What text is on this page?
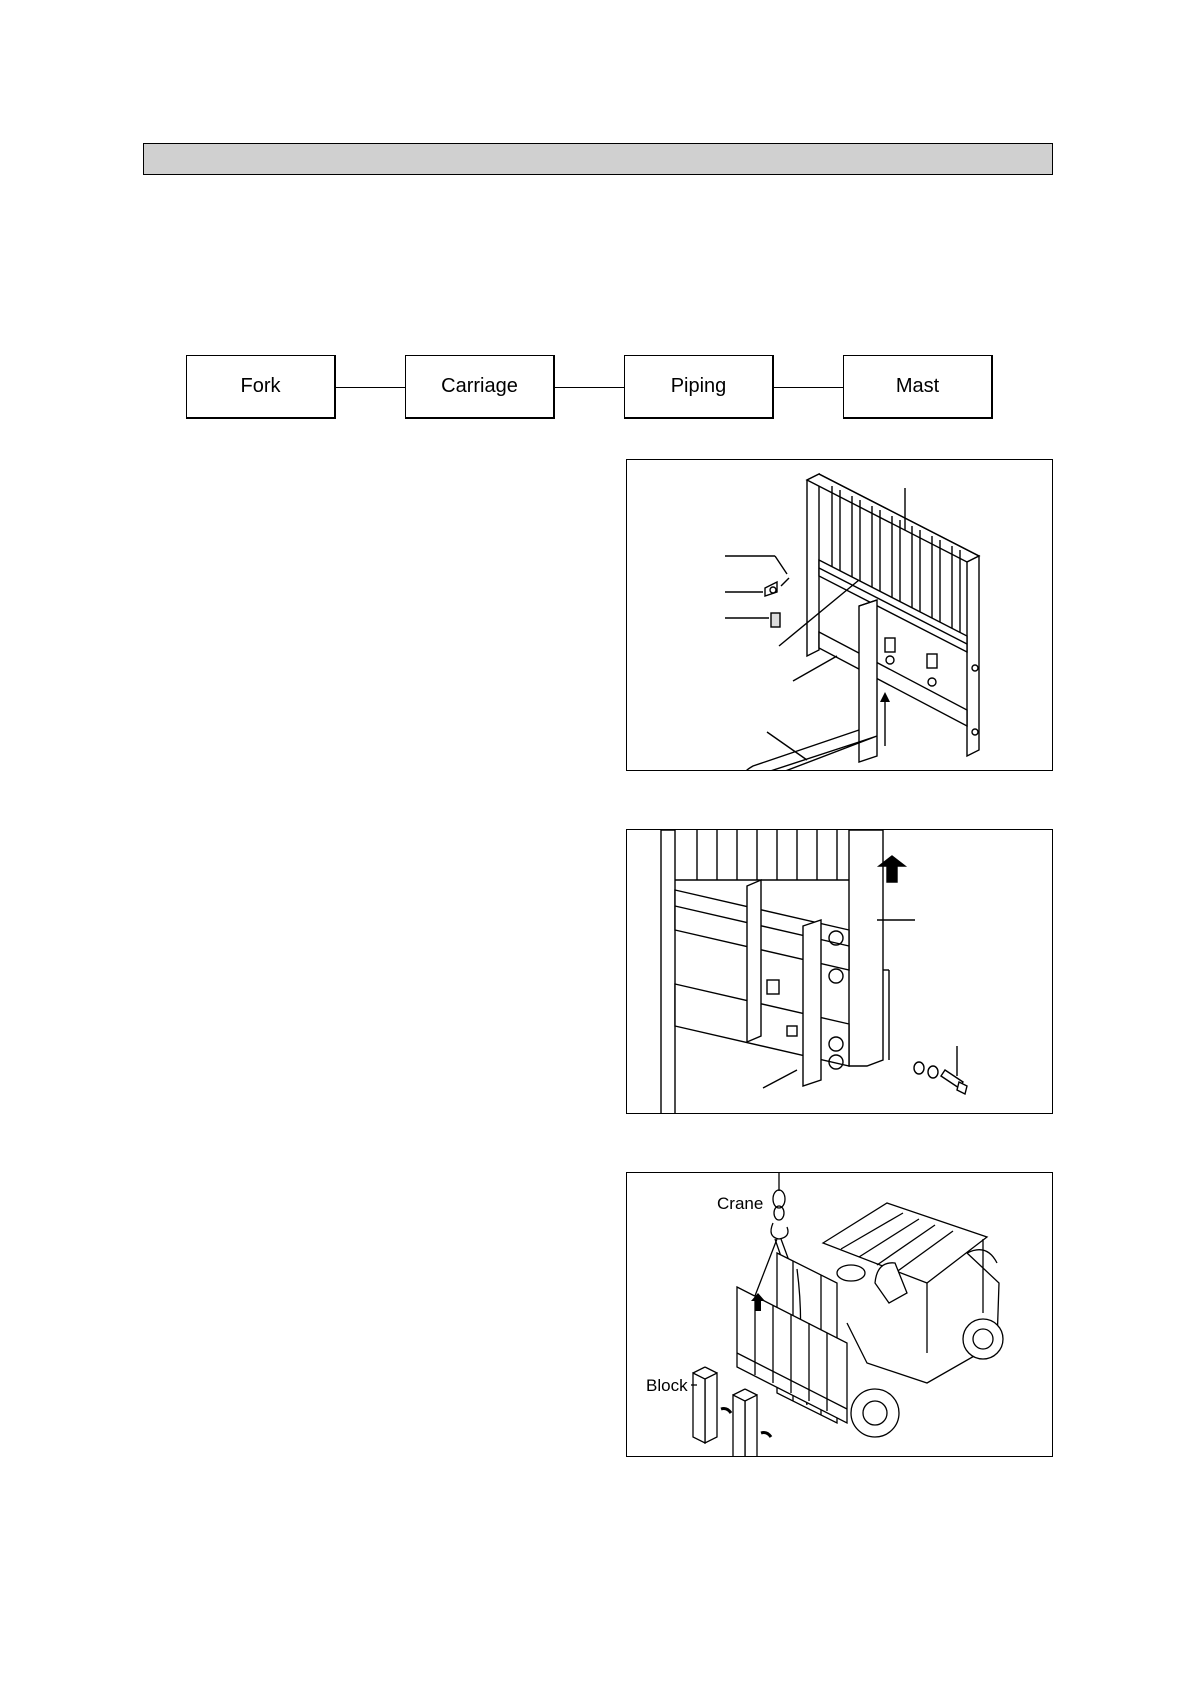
Fork	Carriage	Piping	Mast
Crane
Block
